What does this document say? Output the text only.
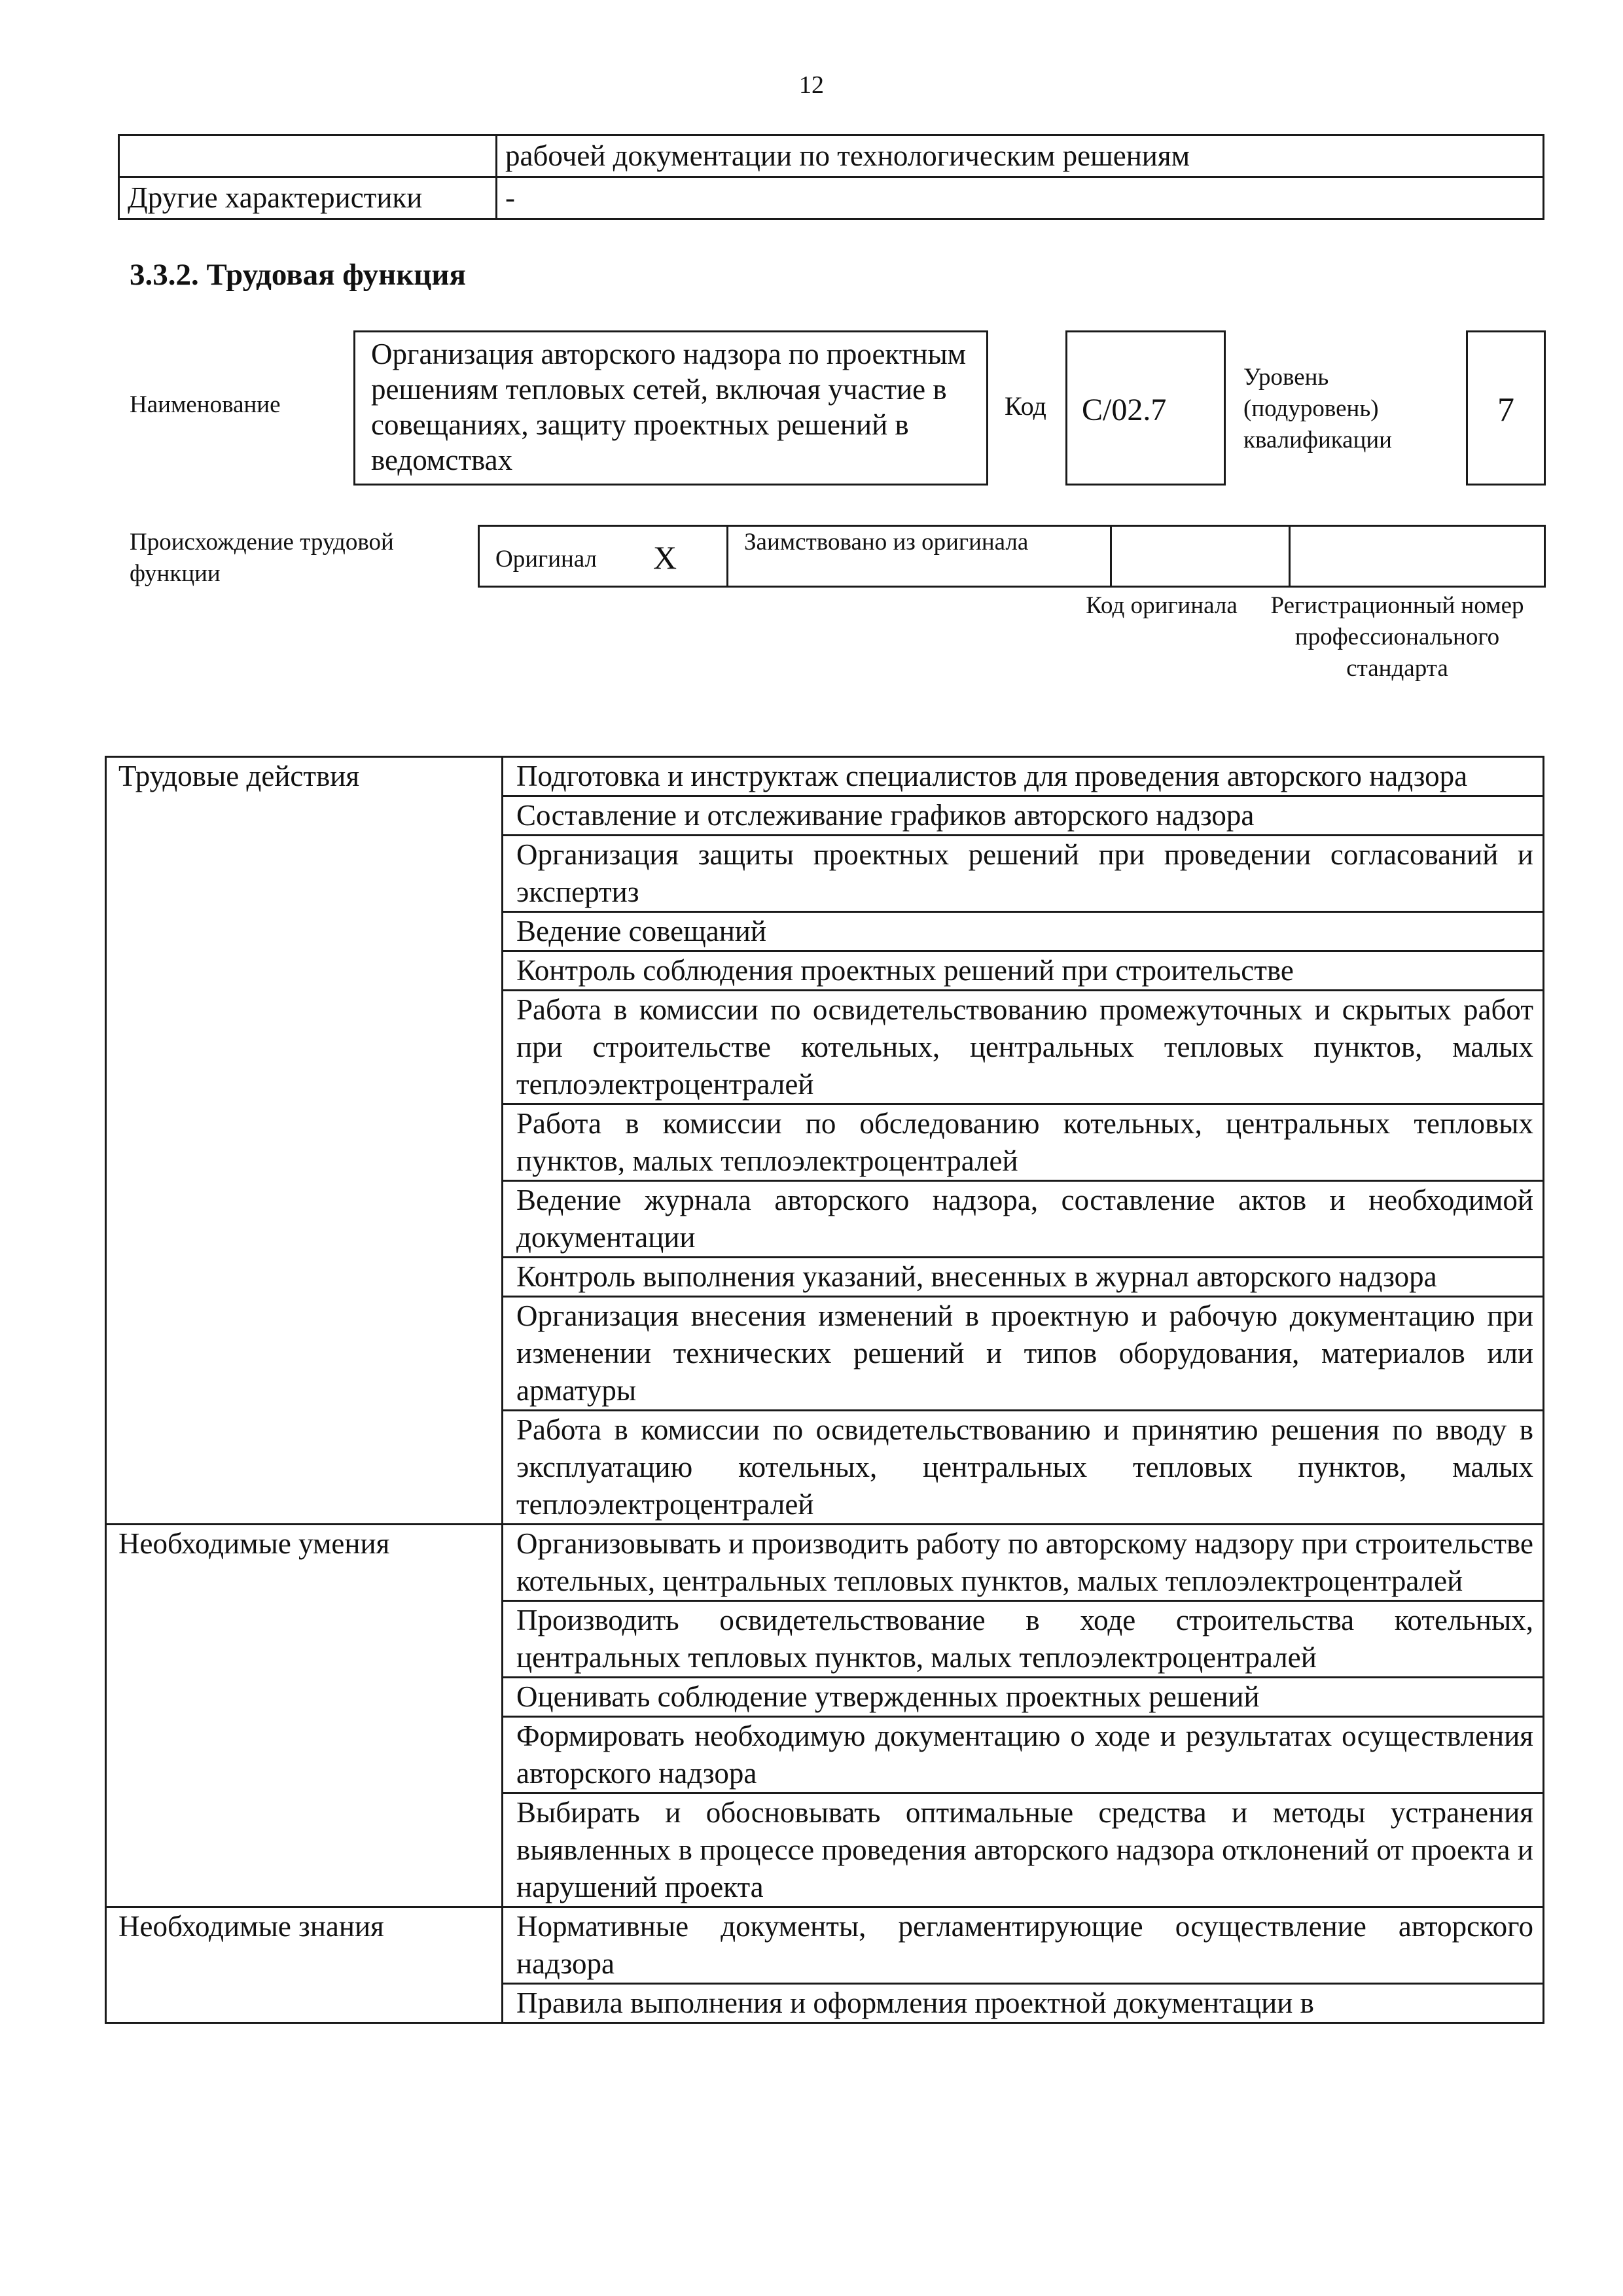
12
	рабочей документации по технологическим решениям
Другие характеристики	-
3.3.2. Трудовая функция
Наименование
Организация авторского надзора по проектным решениям тепловых сетей, включая участие в совещаниях, защиту проектных решений в ведомствах
Код	C/02.7
Уровень (подуровень) квалификации
7
Происхождение трудовой функции
Оригинал X	Заимствовано из оригинала
Код оригинала	Регистрационный номер профессионального стандарта
Трудовые действия	Подготовка и инструктаж специалистов для проведения авторского надзора
	Составление и отслеживание графиков авторского надзора
	Организация защиты проектных решений при проведении согласований и экспертиз
	Ведение совещаний
	Контроль соблюдения проектных решений при строительстве
	Работа в комиссии по освидетельствованию промежуточных и скрытых работ при строительстве котельных, центральных тепловых пунктов, малых теплоэлектроцентралей
	Работа в комиссии по обследованию котельных, центральных тепловых пунктов, малых теплоэлектроцентралей
	Ведение журнала авторского надзора, составление актов и необходимой документации
	Контроль выполнения указаний, внесенных в журнал авторского надзора
	Организация внесения изменений в проектную и рабочую документацию при изменении технических решений и типов оборудования, материалов или арматуры
	Работа в комиссии по освидетельствованию и принятию решения по вводу в эксплуатацию котельных, центральных тепловых пунктов, малых теплоэлектроцентралей
Необходимые умения	Организовывать и производить работу по авторскому надзору при строительстве котельных, центральных тепловых пунктов, малых теплоэлектроцентралей
	Производить освидетельствование в ходе строительства котельных, центральных тепловых пунктов, малых теплоэлектроцентралей
	Оценивать соблюдение утвержденных проектных решений
	Формировать необходимую документацию о ходе и результатах осуществления авторского надзора
	Выбирать и обосновывать оптимальные средства и методы устранения выявленных в процессе проведения авторского надзора отклонений от проекта и нарушений проекта
Необходимые знания	Нормативные документы, регламентирующие осуществление авторского надзора
	Правила выполнения и оформления проектной документации в
